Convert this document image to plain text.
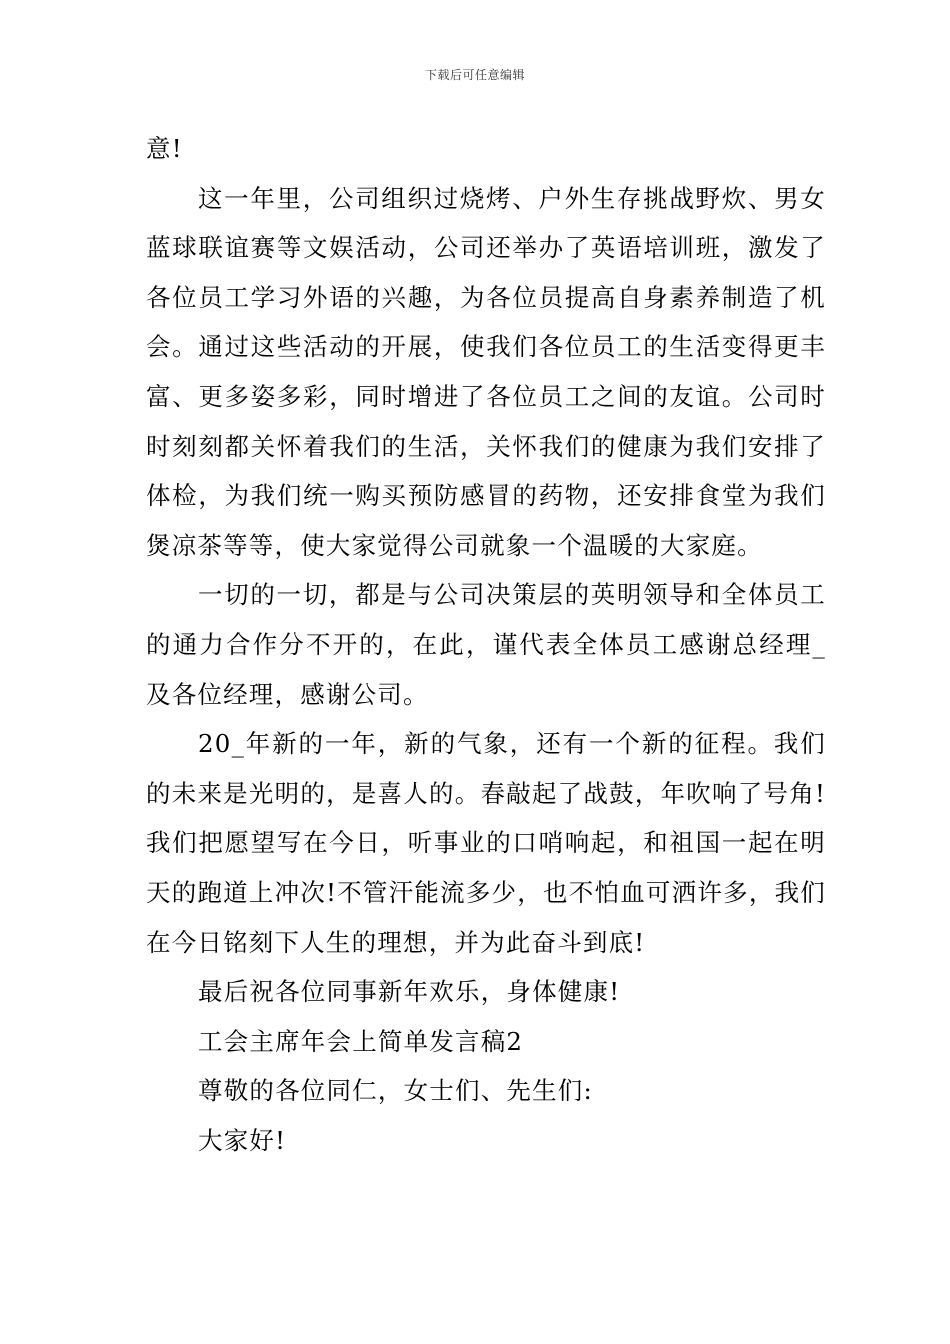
下载后可任意编辑

意!

这一年里，公司组织过烧烤、户外生存挑战野炊、男女蓝球联谊赛等文娱活动，公司还举办了英语培训班，激发了各位员工学习外语的兴趣，为各位员提高自身素养制造了机会。通过这些活动的开展，使我们各位员工的生活变得更丰富、更多姿多彩，同时增进了各位员工之间的友谊。公司时时刻刻都关怀着我们的生活，关怀我们的健康为我们安排了体检，为我们统一购买预防感冒的药物，还安排食堂为我们煲凉茶等等，使大家觉得公司就象一个温暖的大家庭。

一切的一切，都是与公司决策层的英明领导和全体员工的通力合作分不开的，在此，谨代表全体员工感谢总经理_及各位经理，感谢公司。

20_年新的一年，新的气象，还有一个新的征程。我们的未来是光明的，是喜人的。春敲起了战鼓，年吹响了号角!我们把愿望写在今日，听事业的口哨响起，和祖国一起在明天的跑道上冲次!不管汗能流多少，也不怕血可洒许多，我们在今日铭刻下人生的理想，并为此奋斗到底!

最后祝各位同事新年欢乐，身体健康!

工会主席年会上简单发言稿2

尊敬的各位同仁，女士们、先生们:

大家好!
